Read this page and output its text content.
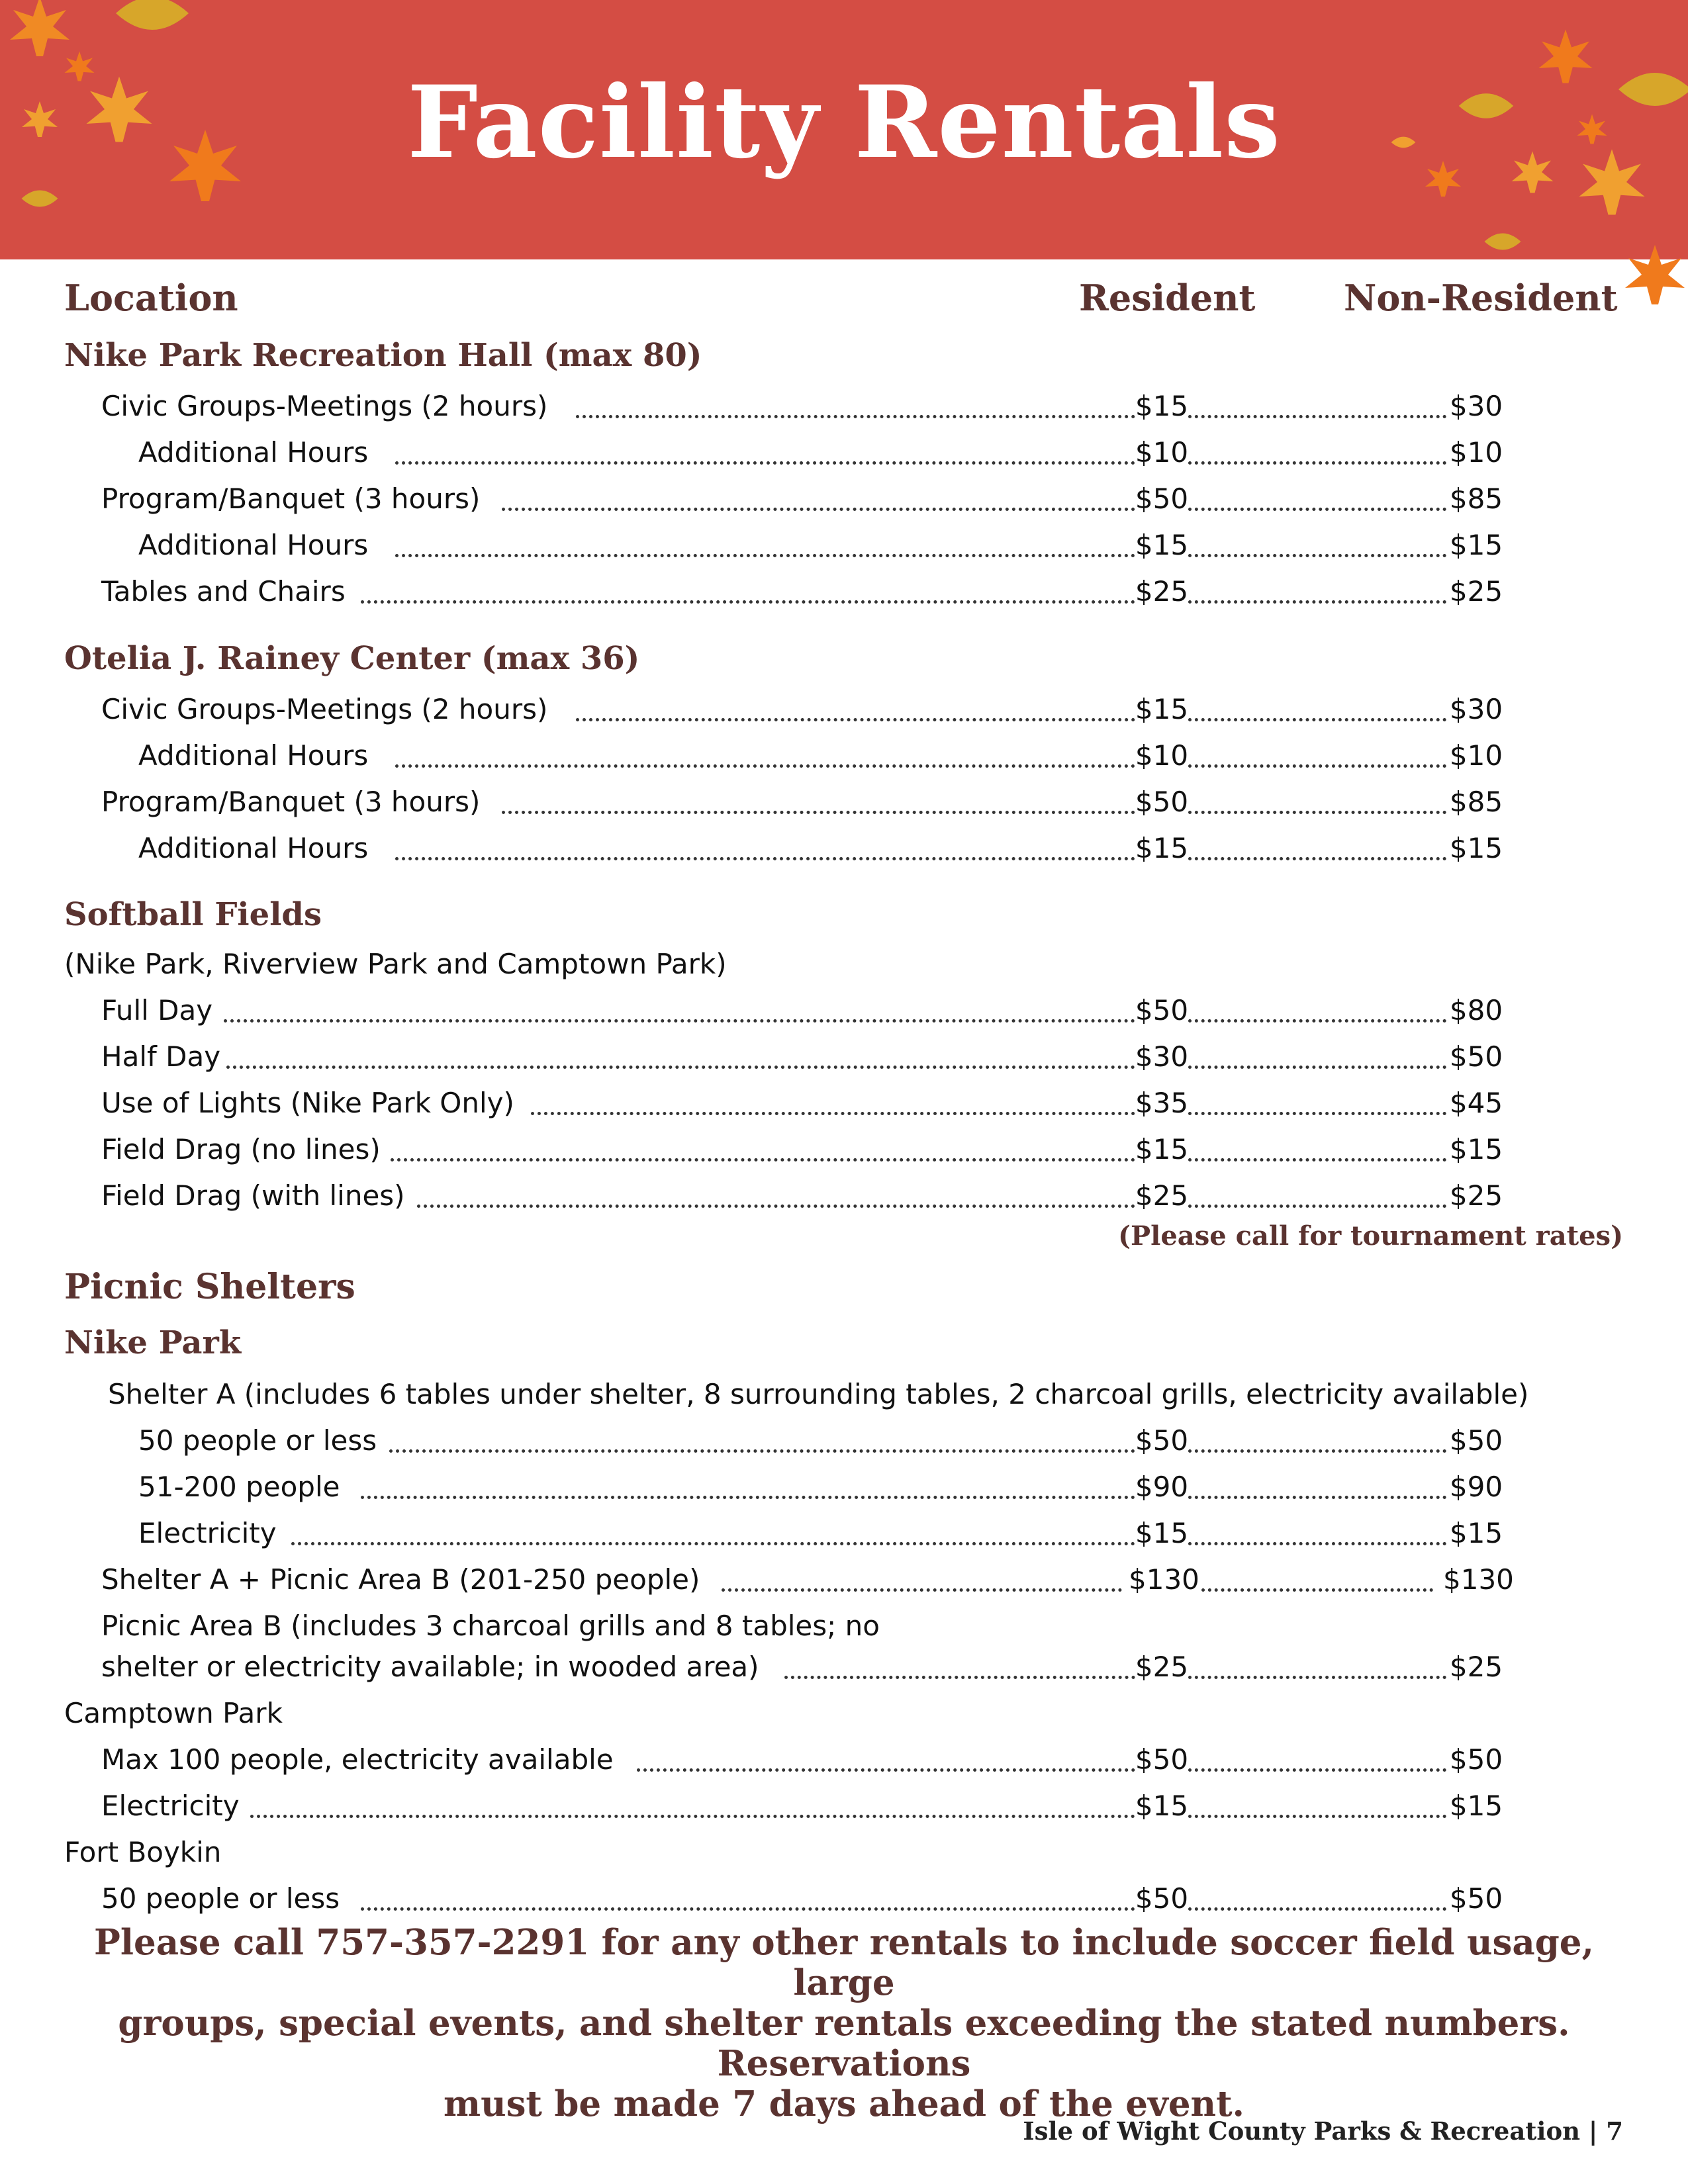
Facility Rentals
Location	Resident Non-Resident
Nike Park Recreation Hall (max 80)
Civic Groups-Meetings (2 hours)	$15	$30
Additional Hours	$10	$10
Program/Banquet (3 hours)	$50	$85
Additional Hours	$15	$15
Tables and Chairs	$25	$25
Otelia J. Rainey Center (max 36)
Civic Groups-Meetings (2 hours)	$15	$30
Additional Hours	$10	$10
Program/Banquet (3 hours)	$50	$85
Additional Hours	$15	$15
Softball Fields
(Nike Park, Riverview Park and Camptown Park)
Full Day	$50	$80
Half Day	$30	$50
Use of Lights (Nike Park Only)	$35	$45
Field Drag (no lines)	$15	$15
Field Drag (with lines)	$25	$25
(Please call for tournament rates)
Picnic Shelters
Nike Park
Shelter A (includes 6 tables under shelter, 8 surrounding tables, 2 charcoal grills, electricity available)
50 people or less	$50	$50
51-200 people	$90	$90
Electricity	$15	$15
Shelter A + Picnic Area B (201-250 people)	$130	$130
Picnic Area B (includes 3 charcoal grills and 8 tables; no
shelter or electricity available; in wooded area)	$25	$25
Camptown Park
Max 100 people, electricity available	$50	$50
Electricity	$15	$15
Fort Boykin
50 people or less	$50	$50
Please call 757-357-2291 for any other rentals to include soccer field usage, large
groups, special events, and shelter rentals exceeding the stated numbers. Reservations
must be made 7 days ahead of the event.
Isle of Wight County Parks & Recreation | 7
